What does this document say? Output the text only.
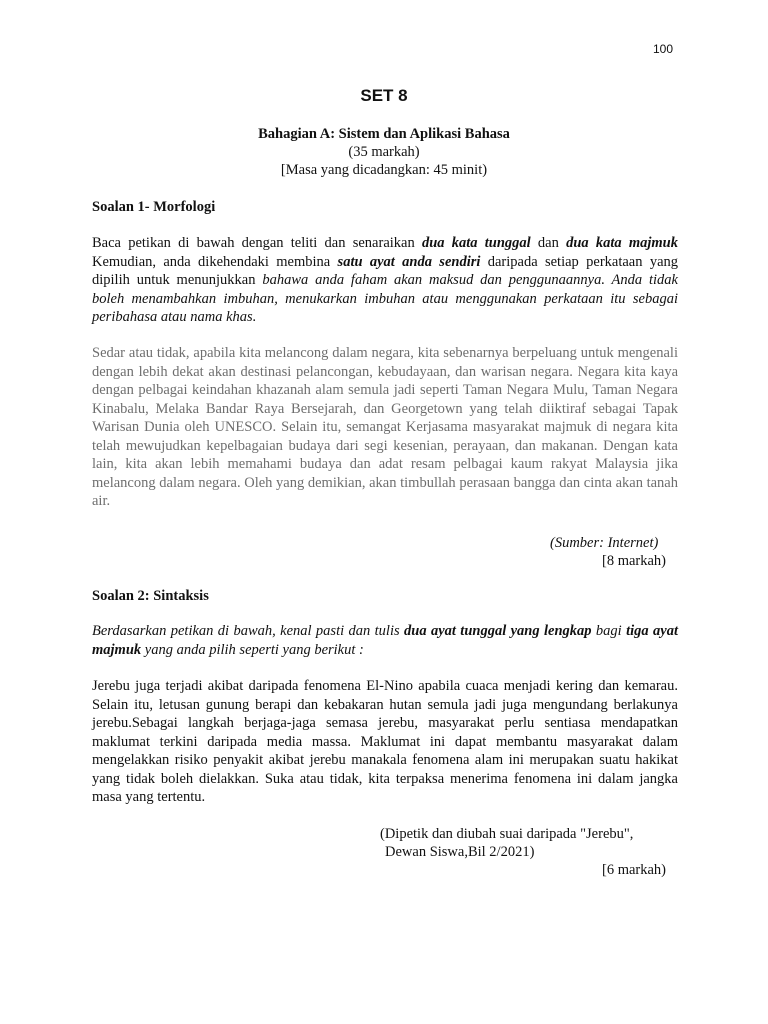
100
SET 8
Bahagian A: Sistem dan Aplikasi Bahasa
(35 markah)
[Masa yang dicadangkan: 45 minit)
Soalan 1- Morfologi
Baca petikan di bawah dengan teliti dan senaraikan dua kata tunggal dan dua kata majmuk Kemudian, anda dikehendaki membina satu ayat anda sendiri daripada setiap perkataan yang dipilih untuk menunjukkan bahawa anda faham akan maksud dan penggunaannya. Anda tidak boleh menambahkan imbuhan, menukarkan imbuhan atau menggunakan perkataan itu sebagai peribahasa atau nama khas.
Sedar atau tidak, apabila kita melancong dalam negara, kita sebenarnya berpeluang untuk mengenali dengan lebih dekat akan destinasi pelancongan, kebudayaan, dan warisan negara. Negara kita kaya dengan pelbagai keindahan khazanah alam semula jadi seperti Taman Negara Mulu, Taman Negara Kinabalu, Melaka Bandar Raya Bersejarah, dan Georgetown yang telah diiktiraf sebagai Tapak Warisan Dunia oleh UNESCO. Selain itu, semangat Kerjasama masyarakat majmuk di negara kita telah mewujudkan kepelbagaian budaya dari segi kesenian, perayaan, dan makanan. Dengan kata lain, kita akan lebih memahami budaya dan adat resam pelbagai kaum rakyat Malaysia jika melancong dalam negara. Oleh yang demikian, akan timbullah perasaan bangga dan cinta akan tanah air.
(Sumber: Internet)
[8 markah)
Soalan 2: Sintaksis
Berdasarkan petikan di bawah, kenal pasti dan tulis dua ayat tunggal yang lengkap bagi tiga ayat majmuk yang anda pilih seperti yang berikut :
Jerebu juga terjadi akibat daripada fenomena El-Nino apabila cuaca menjadi kering dan kemarau. Selain itu, letusan gunung berapi dan kebakaran hutan semula jadi juga mengundang berlakunya jerebu.Sebagai langkah berjaga-jaga semasa jerebu, masyarakat perlu sentiasa mendapatkan maklumat terkini daripada media massa. Maklumat ini dapat membantu masyarakat dalam mengelakkan risiko penyakit akibat jerebu manakala fenomena alam ini merupakan suatu hakikat yang tidak boleh dielakkan. Suka atau tidak, kita terpaksa menerima fenomena ini dalam jangka masa yang tertentu.
(Dipetik dan diubah suai daripada "Jerebu",
Dewan Siswa,Bil 2/2021)
[6 markah)
